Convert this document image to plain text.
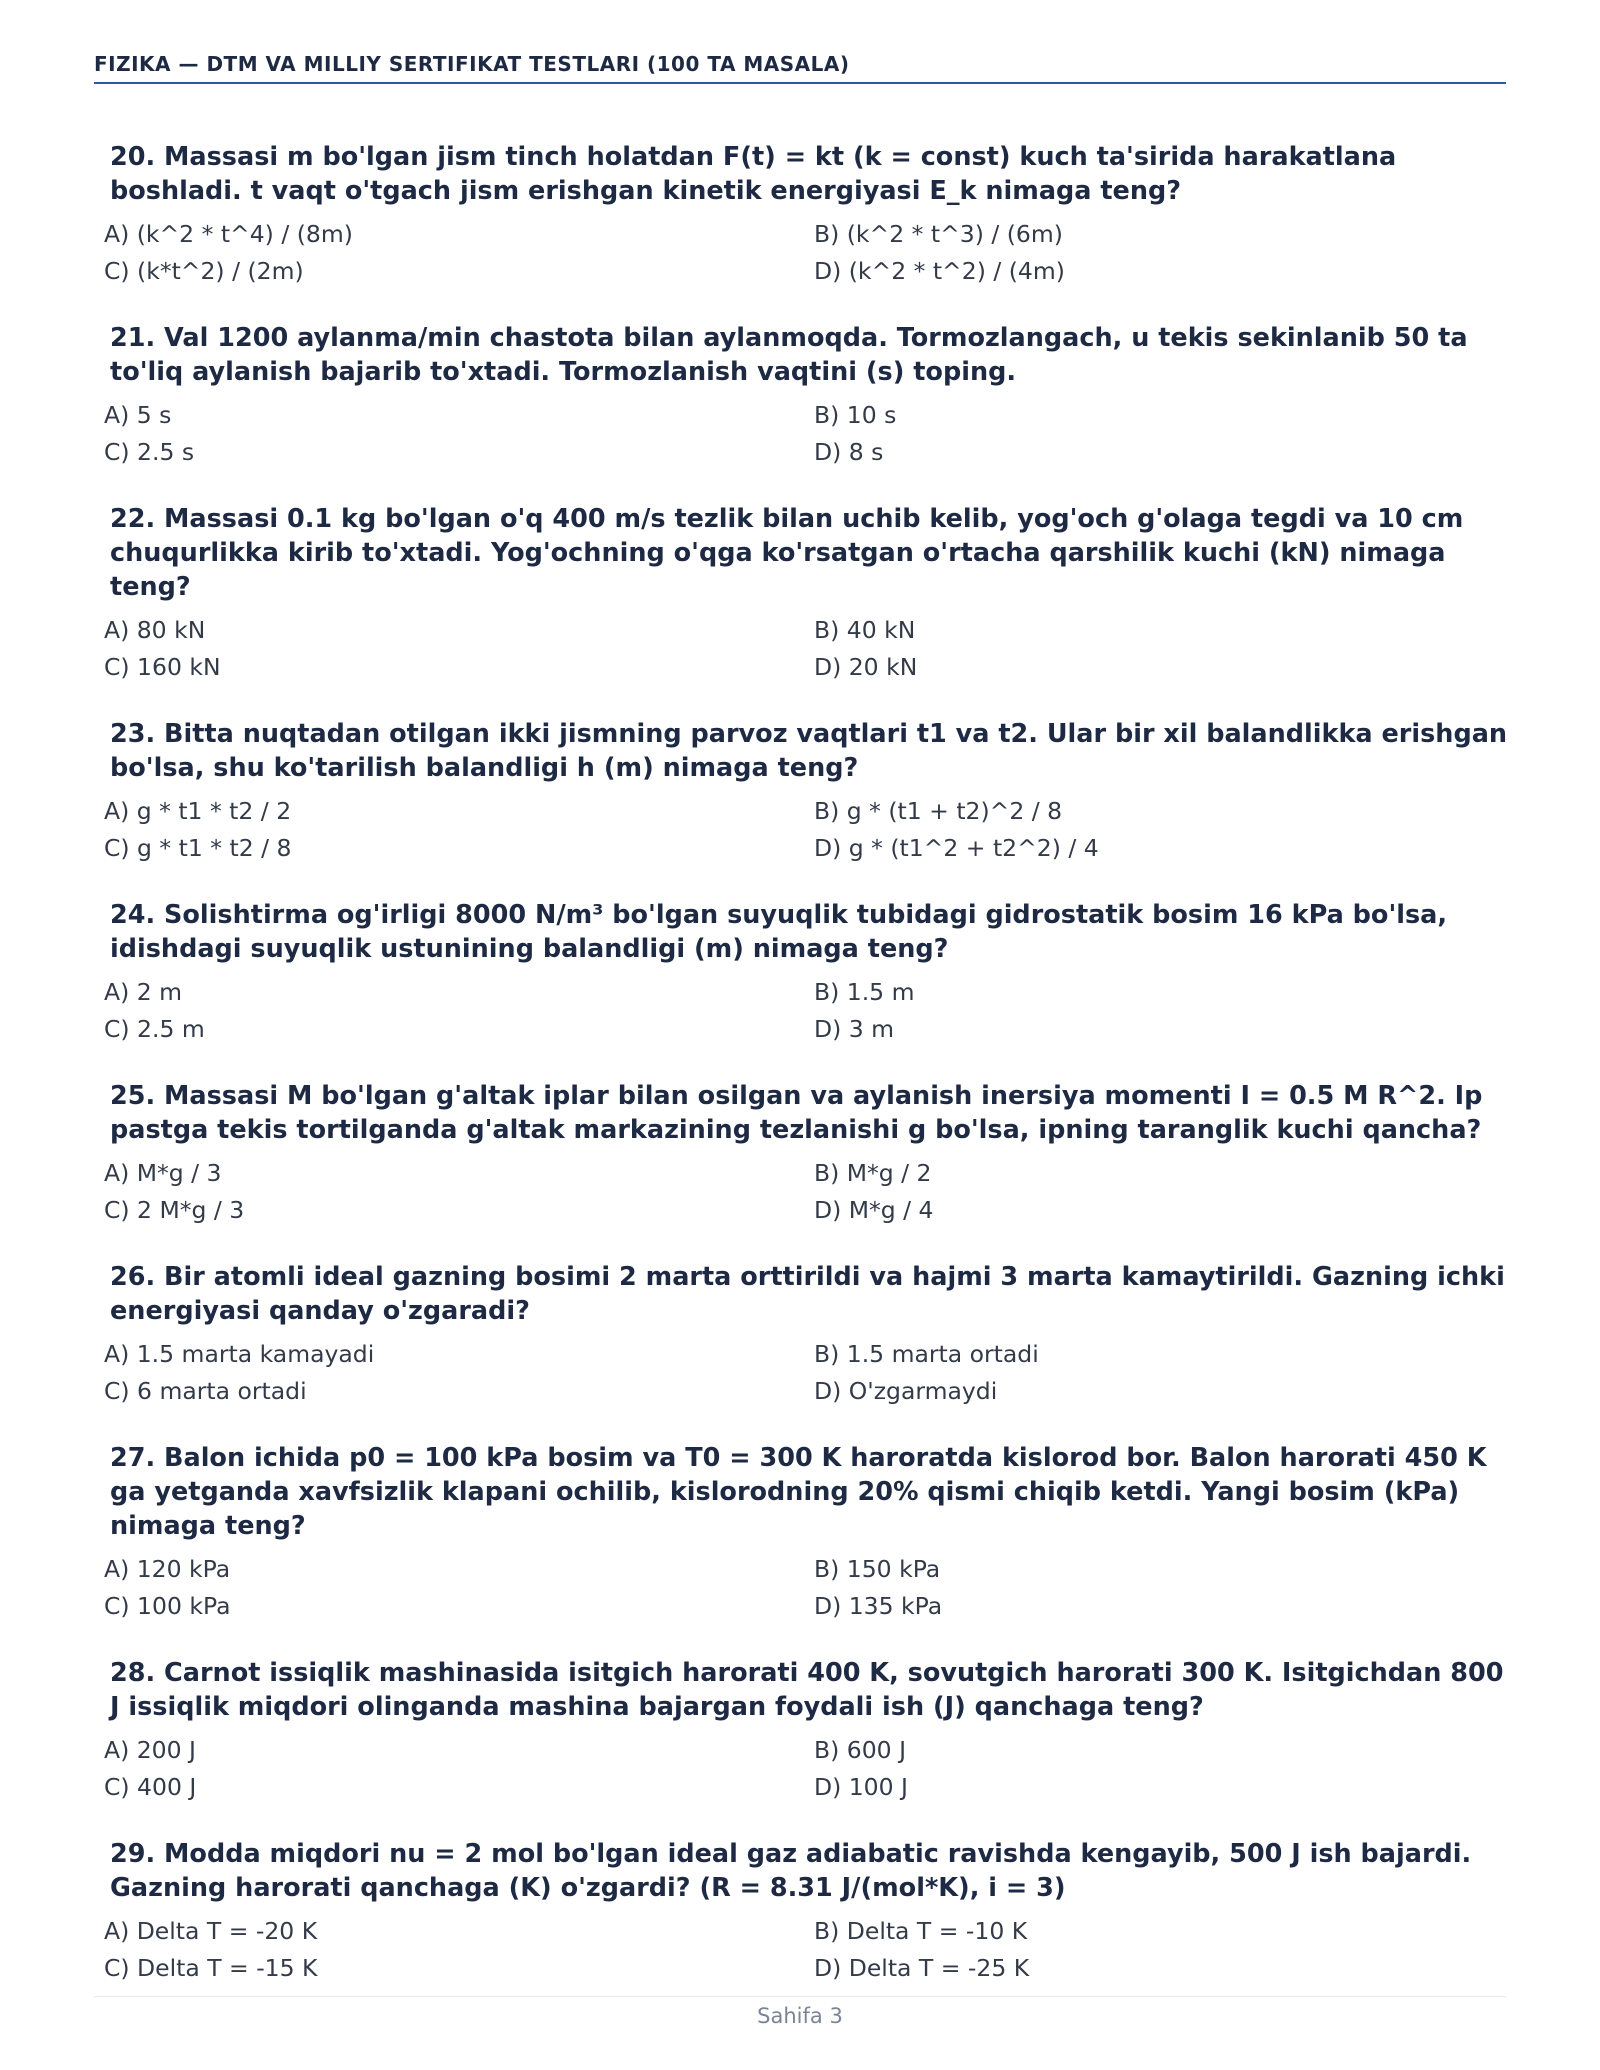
FIZIKA — DTM VA MILLIY SERTIFIKAT TESTLARI (100 TA MASALA)
20. Massasi m bo'lgan jism tinch holatdan F(t) = kt (k = const) kuch ta'sirida harakatlana boshladi. t vaqt o'tgach jism erishgan kinetik energiyasi E_k nimaga teng?
A) (k^2 * t^4) / (8m)	B) (k^2 * t^3) / (6m)
C) (k*t^2) / (2m)	D) (k^2 * t^2) / (4m)
21. Val 1200 aylanma/min chastota bilan aylanmoqda. Tormozlangach, u tekis sekinlanib 50 ta to'liq aylanish bajarib to'xtadi. Tormozlanish vaqtini (s) toping.
A) 5 s	B) 10 s
C) 2.5 s	D) 8 s
22. Massasi 0.1 kg bo'lgan o'q 400 m/s tezlik bilan uchib kelib, yog'och g'olaga tegdi va 10 cm chuqurlikka kirib to'xtadi. Yog'ochning o'qga ko'rsatgan o'rtacha qarshilik kuchi (kN) nimaga teng?
A) 80 kN	B) 40 kN
C) 160 kN	D) 20 kN
23. Bitta nuqtadan otilgan ikki jismning parvoz vaqtlari t1 va t2. Ular bir xil balandlikka erishgan bo'lsa, shu ko'tarilish balandligi h (m) nimaga teng?
A) g * t1 * t2 / 2	B) g * (t1 + t2)^2 / 8
C) g * t1 * t2 / 8	D) g * (t1^2 + t2^2) / 4
24. Solishtirma og'irligi 8000 N/m³ bo'lgan suyuqlik tubidagi gidrostatik bosim 16 kPa bo'lsa, idishdagi suyuqlik ustunining balandligi (m) nimaga teng?
A) 2 m	B) 1.5 m
C) 2.5 m	D) 3 m
25. Massasi M bo'lgan g'altak iplar bilan osilgan va aylanish inersiya momenti I = 0.5 M R^2. Ip pastga tekis tortilganda g'altak markazining tezlanishi g bo'lsa, ipning taranglik kuchi qancha?
A) M*g / 3	B) M*g / 2
C) 2 M*g / 3	D) M*g / 4
26. Bir atomli ideal gazning bosimi 2 marta orttirildi va hajmi 3 marta kamaytirildi. Gazning ichki energiyasi qanday o'zgaradi?
A) 1.5 marta kamayadi	B) 1.5 marta ortadi
C) 6 marta ortadi	D) O'zgarmaydi
27. Balon ichida p0 = 100 kPa bosim va T0 = 300 K haroratda kislorod bor. Balon harorati 450 K ga yetganda xavfsizlik klapani ochilib, kislorodning 20% qismi chiqib ketdi. Yangi bosim (kPa) nimaga teng?
A) 120 kPa	B) 150 kPa
C) 100 kPa	D) 135 kPa
28. Carnot issiqlik mashinasida isitgich harorati 400 K, sovutgich harorati 300 K. Isitgichdan 800 J issiqlik miqdori olinganda mashina bajargan foydali ish (J) qanchaga teng?
A) 200 J	B) 600 J
C) 400 J	D) 100 J
29. Modda miqdori nu = 2 mol bo'lgan ideal gaz adiabatic ravishda kengayib, 500 J ish bajardi. Gazning harorati qanchaga (K) o'zgardi? (R = 8.31 J/(mol*K), i = 3)
A) Delta T = -20 K	B) Delta T = -10 K
C) Delta T = -15 K	D) Delta T = -25 K
Sahifa 3
